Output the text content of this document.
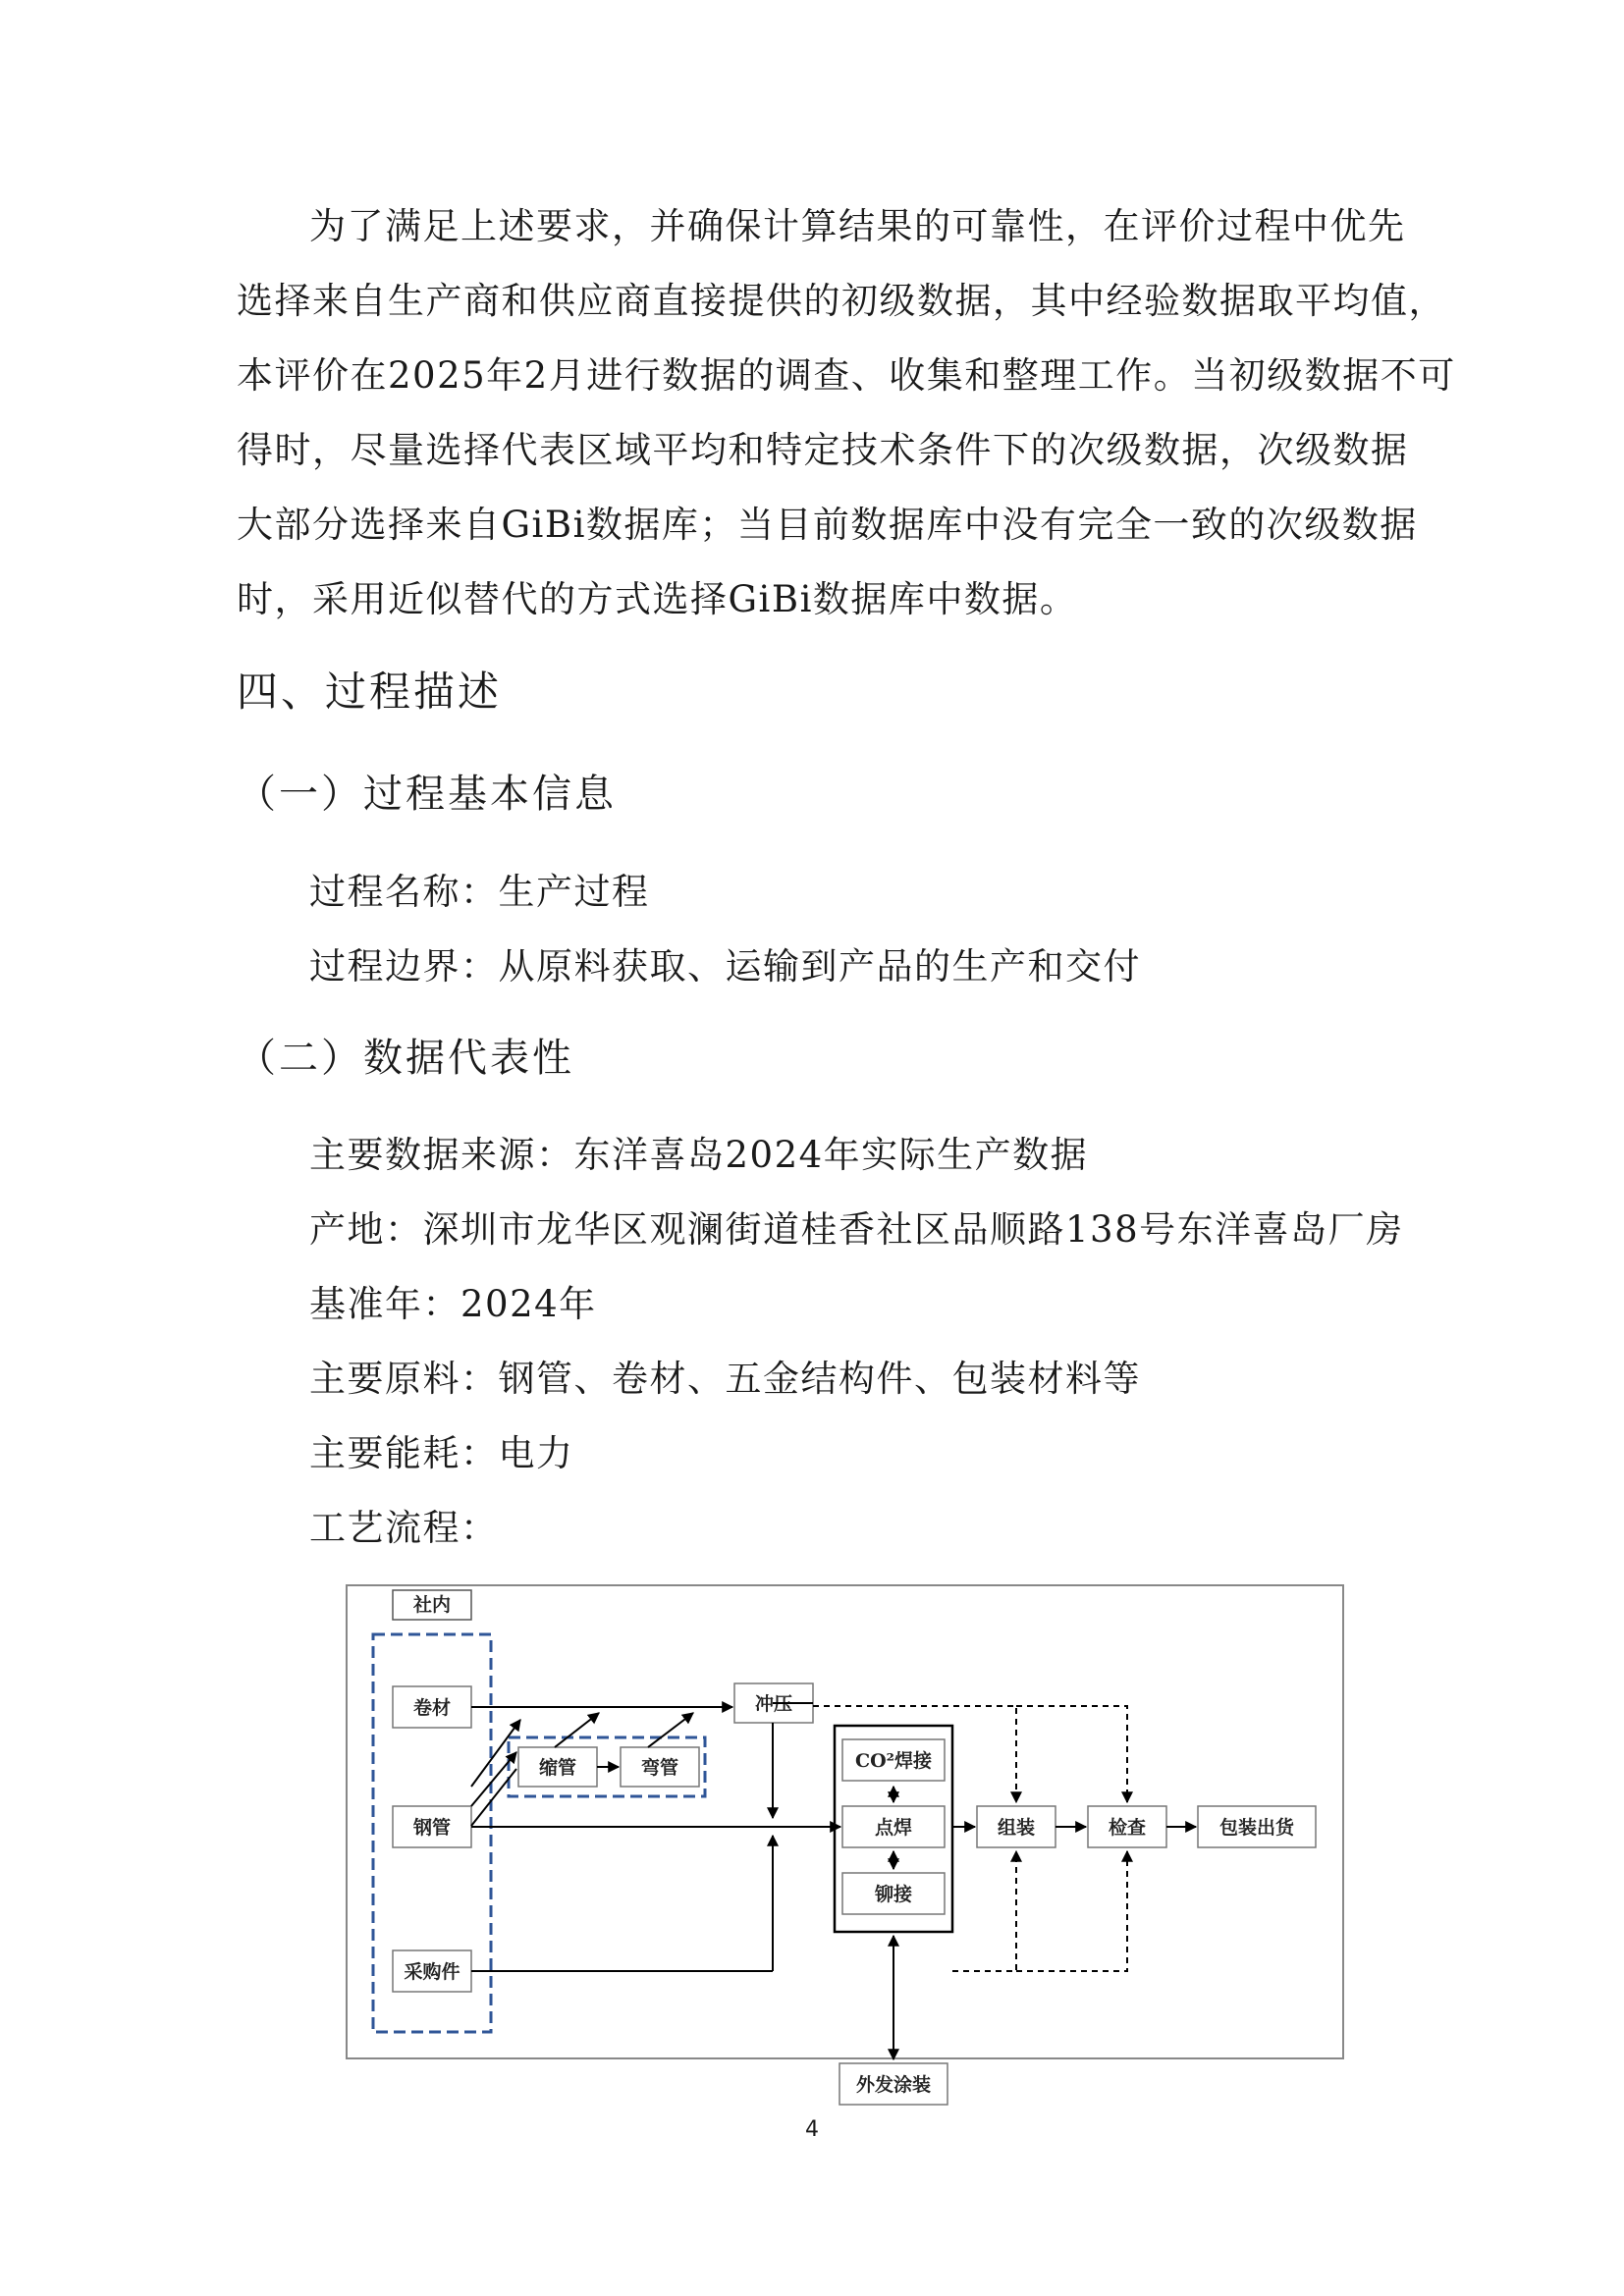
为了满足上述要求，并确保计算结果的可靠性，在评价过程中优先
选择来自生产商和供应商直接提供的初级数据，其中经验数据取平均值，
本评价在2025年2月进行数据的调查、收集和整理工作。当初级数据不可
得时，尽量选择代表区域平均和特定技术条件下的次级数据，次级数据
大部分选择来自GiBi数据库；当目前数据库中没有完全一致的次级数据
时，采用近似替代的方式选择GiBi数据库中数据。
四、过程描述
（一）过程基本信息
过程名称：生产过程
过程边界：从原料获取、运输到产品的生产和交付
（二）数据代表性
主要数据来源：东洋喜岛2024年实际生产数据
产地：深圳市龙华区观澜街道桂香社区品顺路138号东洋喜岛厂房
基准年：2024年
主要原料：钢管、卷材、五金结构件、包装材料等
主要能耗：电力
工艺流程：
社内
卷材
钢管
采购件
缩管	弯管
冲压
CO²焊接
点焊
铆接
组装	检查	包装出货
外发涂装
4
